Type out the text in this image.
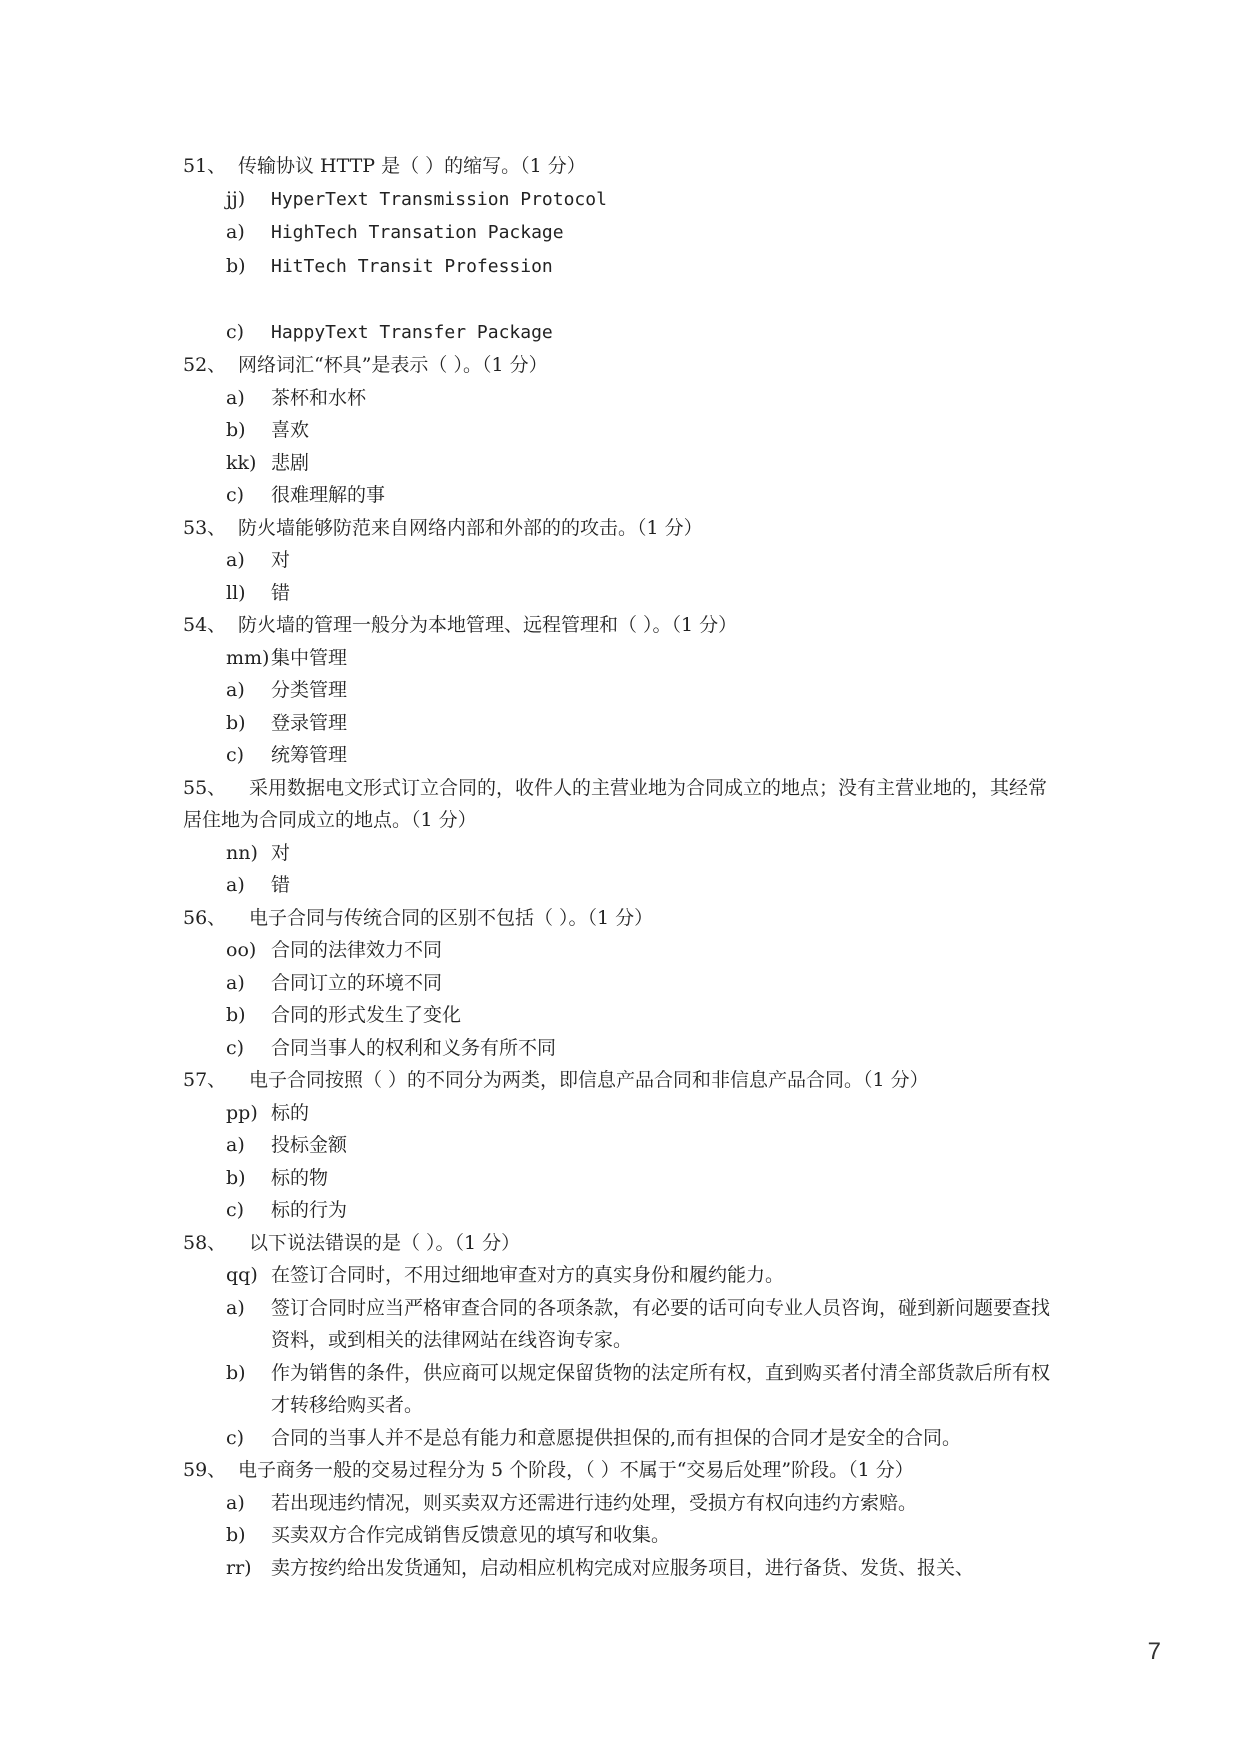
51、 传输协议 HTTP 是（ ）的缩写。（1 分）
jj) HyperText Transmission Protocol
a) HighTech Transation Package
b) HitTech Transit Profession
c) HappyText Transfer Package
52、 网络词汇“杯具”是表示（ ）。（1 分）
a) 茶杯和水杯
b) 喜欢
kk) 悲剧
c) 很难理解的事
53、 防火墙能够防范来自网络内部和外部的的攻击。（1 分）
a) 对
ll) 错
54、 防火墙的管理一般分为本地管理、远程管理和（ ）。（1 分）
mm)集中管理
a) 分类管理
b) 登录管理
c) 统筹管理
55、 采用数据电文形式订立合同的，收件人的主营业地为合同成立的地点；没有主营业地的，其经常居住地为合同成立的地点。（1 分）
nn) 对
a) 错
56、 电子合同与传统合同的区别不包括（ ）。（1 分）
oo) 合同的法律效力不同
a) 合同订立的环境不同
b) 合同的形式发生了变化
c) 合同当事人的权利和义务有所不同
57、 电子合同按照（ ）的不同分为两类，即信息产品合同和非信息产品合同。（1 分）
pp) 标的
a) 投标金额
b) 标的物
c) 标的行为
58、 以下说法错误的是（ ）。（1 分）
qq) 在签订合同时，不用过细地审查对方的真实身份和履约能力。
a) 签订合同时应当严格审查合同的各项条款，有必要的话可向专业人员咨询，碰到新问题要查找资料，或到相关的法律网站在线咨询专家。
b) 作为销售的条件，供应商可以规定保留货物的法定所有权，直到购买者付清全部货款后所有权才转移给购买者。
c) 合同的当事人并不是总有能力和意愿提供担保的,而有担保的合同才是安全的合同。
59、 电子商务一般的交易过程分为 5 个阶段，（ ）不属于“交易后处理”阶段。（1 分）
a) 若出现违约情况，则买卖双方还需进行违约处理，受损方有权向违约方索赔。
b) 买卖双方合作完成销售反馈意见的填写和收集。
rr) 卖方按约给出发货通知，启动相应机构完成对应服务项目，进行备货、发货、报关、
7
